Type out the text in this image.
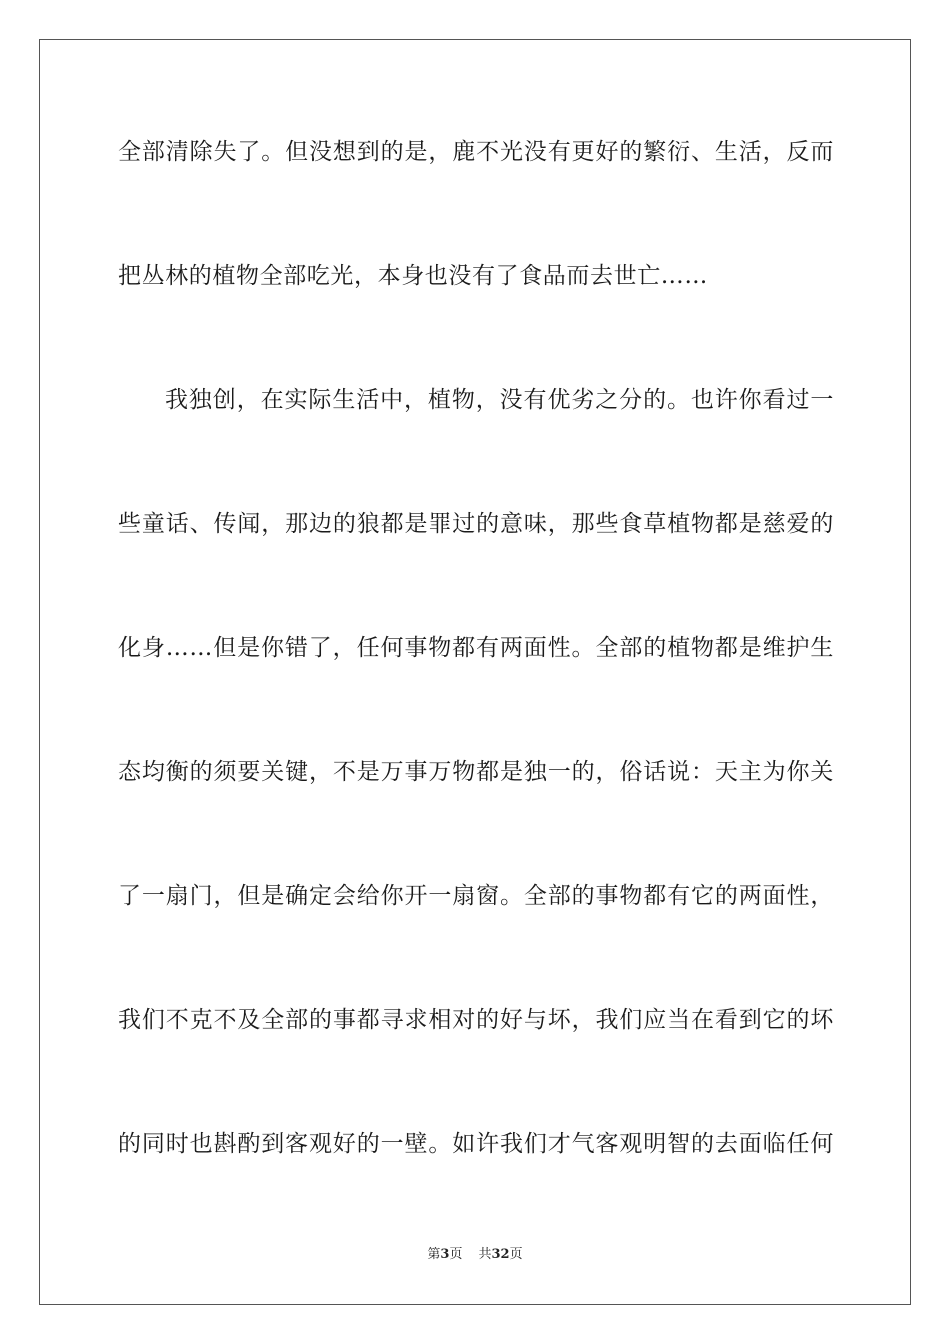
全部清除失了。但没想到的是，鹿不光没有更好的繁衍、生活，反而
把丛林的植物全部吃光，本身也没有了食品而去世亡……
我独创，在实际生活中，植物，没有优劣之分的。也许你看过一
些童话、传闻，那边的狼都是罪过的意味，那些食草植物都是慈爱的
化身……但是你错了，任何事物都有两面性。全部的植物都是维护生
态均衡的须要关键，不是万事万物都是独一的，俗话说：天主为你关
了一扇门，但是确定会给你开一扇窗。全部的事物都有它的两面性，
我们不克不及全部的事都寻求相对的好与坏，我们应当在看到它的坏
的同时也斟酌到客观好的一壁。如许我们才气客观明智的去面临任何
第3页 共32页
